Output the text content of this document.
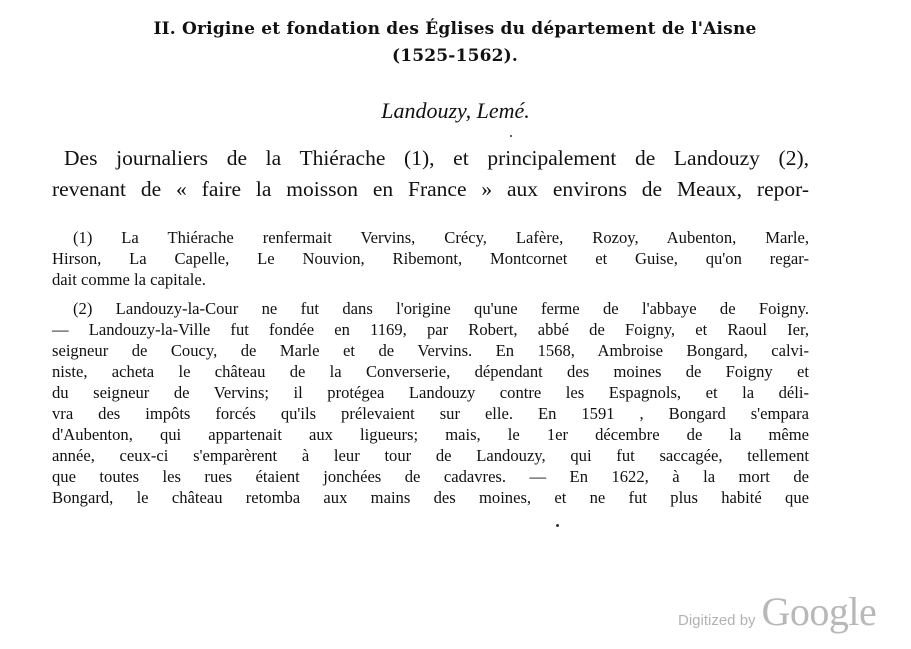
II. Origine et fondation des Églises du département de l'Aisne
(1525-1562).
Landouzy, Lemé.
Des journaliers de la Thiérache (1), et principalement de Landouzy (2),
revenant de « faire la moisson en France » aux environs de Meaux, repor-
(1) La Thiérache renfermait Vervins, Crécy, Lafère, Rozoy, Aubenton, Marle,
Hirson, La Capelle, Le Nouvion, Ribemont, Montcornet et Guise, qu'on regar-
dait comme la capitale.
(2) Landouzy-la-Cour ne fut dans l'origine qu'une ferme de l'abbaye de Foigny.
— Landouzy-la-Ville fut fondée en 1169, par Robert, abbé de Foigny, et Raoul Ier,
seigneur de Coucy, de Marle et de Vervins. En 1568, Ambroise Bongard, calvi-
niste, acheta le château de la Converserie, dépendant des moines de Foigny et
du seigneur de Vervins; il protégea Landouzy contre les Espagnols, et la déli-
vra des impôts forcés qu'ils prélevaient sur elle. En 1591 , Bongard s'empara
d'Aubenton, qui appartenait aux ligueurs; mais, le 1er décembre de la même
année, ceux-ci s'emparèrent à leur tour de Landouzy, qui fut saccagée, tellement
que toutes les rues étaient jonchées de cadavres. — En 1622, à la mort de
Bongard, le château retomba aux mains des moines, et ne fut plus habité que
Digitized by Google
